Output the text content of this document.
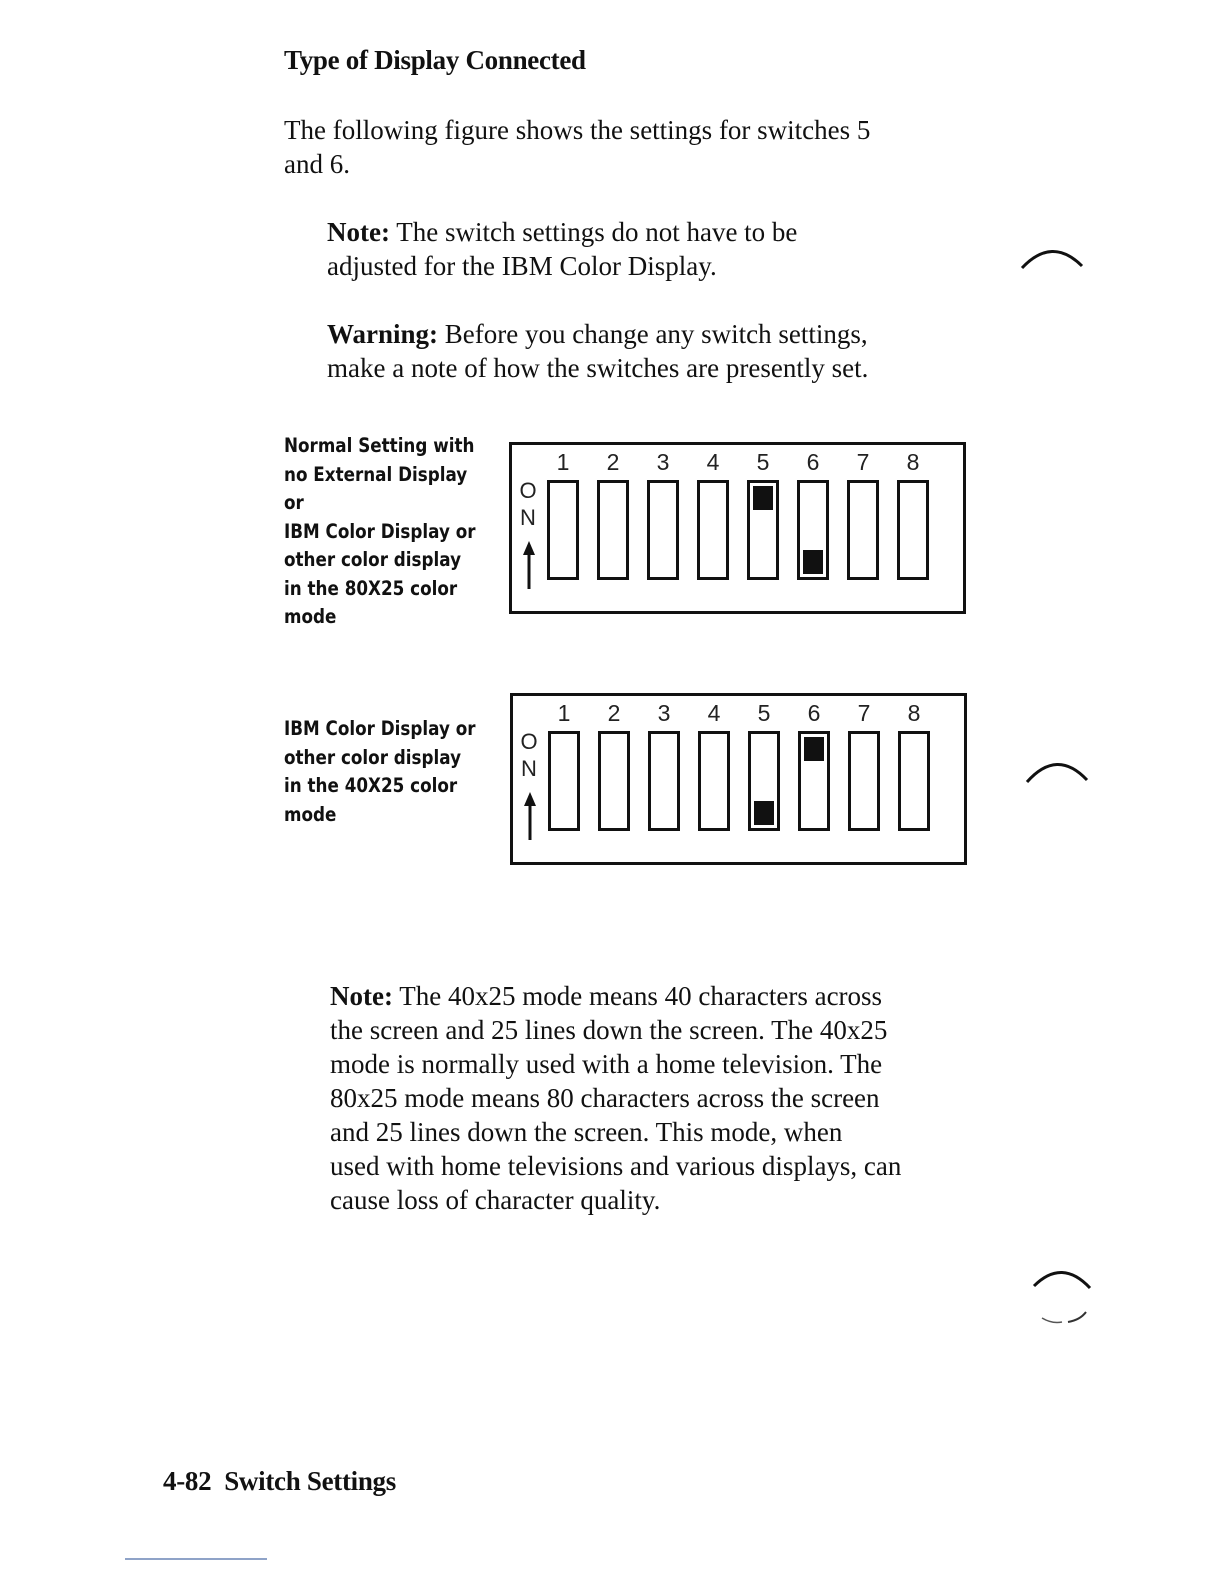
Type of Display Connected
The following figure shows the settings for switches 5
and 6.
Note: The switch settings do not have to be
adjusted for the IBM Color Display.
Warning: Before you change any switch settings,
make a note of how the switches are presently set.
Normal Setting with
no External Display
or
IBM Color Display or
other color display
in the 80X25 color
mode
O
N
1 2 3 4 5 6 7 8
IBM Color Display or
other color display
in the 40X25 color
mode
O
N
1 2 3 4 5 6 7 8
Note: The 40x25 mode means 40 characters across
the screen and 25 lines down the screen. The 40x25
mode is normally used with a home television. The
80x25 mode means 80 characters across the screen
and 25 lines down the screen. This mode, when
used with home televisions and various displays, can
cause loss of character quality.
4-82 Switch Settings
